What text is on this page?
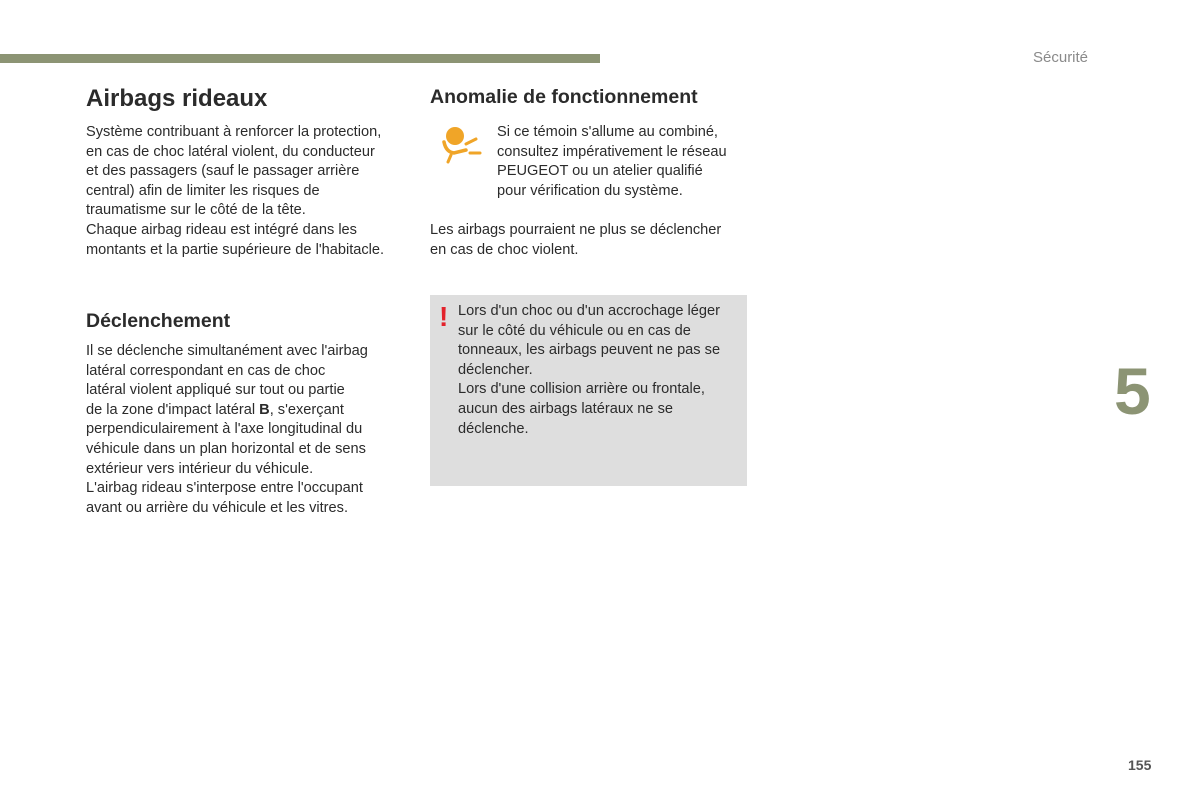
Sécurité
Airbags rideaux
Système contribuant à renforcer la protection,
en cas de choc latéral violent, du conducteur
et des passagers (sauf le passager arrière
central) afin de limiter les risques de
traumatisme sur le côté de la tête.
Chaque airbag rideau est intégré dans les
montants et la partie supérieure de l'habitacle.
Déclenchement
Il se déclenche simultanément avec l'airbag
latéral correspondant en cas de choc
latéral violent appliqué sur tout ou partie
de la zone d'impact latéral B, s'exerçant
perpendiculairement à l'axe longitudinal du
véhicule dans un plan horizontal et de sens
extérieur vers intérieur du véhicule.
L'airbag rideau s'interpose entre l'occupant
avant ou arrière du véhicule et les vitres.
Anomalie de fonctionnement
Si ce témoin s'allume au combiné,
consultez impérativement le réseau
PEUGEOT ou un atelier qualifié
pour vérification du système.
Les airbags pourraient ne plus se déclencher
en cas de choc violent.
! Lors d'un choc ou d'un accrochage léger
sur le côté du véhicule ou en cas de
tonneaux, les airbags peuvent ne pas se
déclencher.
Lors d'une collision arrière ou frontale,
aucun des airbags latéraux ne se
déclenche.
5
155
